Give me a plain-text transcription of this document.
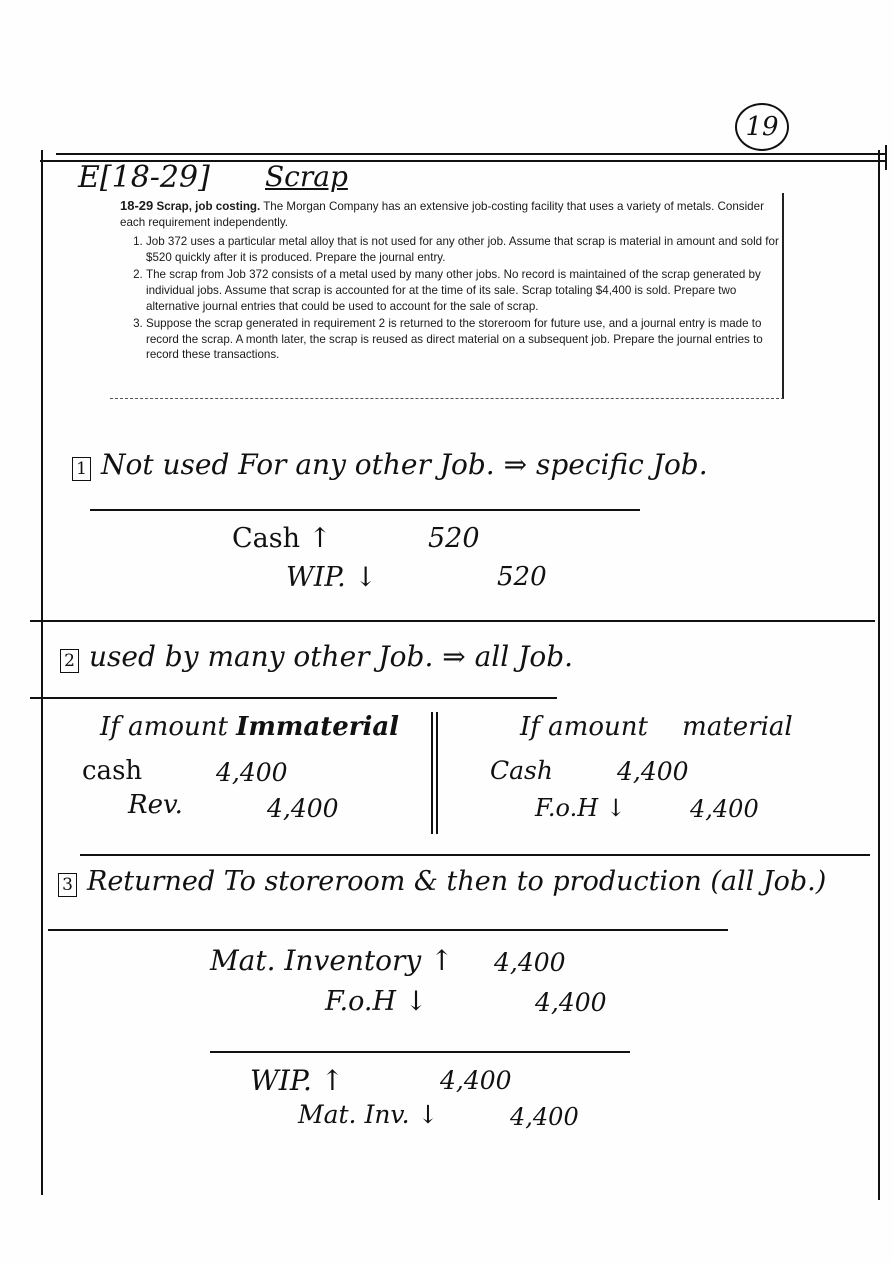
19
E[18-29] Scrap
18-29 Scrap, job costing. The Morgan Company has an extensive job-costing facility that uses a variety of metals. Consider each requirement independently.
1. Job 372 uses a particular metal alloy that is not used for any other job. Assume that scrap is material in amount and sold for $520 quickly after it is produced. Prepare the journal entry.
2. The scrap from Job 372 consists of a metal used by many other jobs. No record is maintained of the scrap generated by individual jobs. Assume that scrap is accounted for at the time of its sale. Scrap totaling $4,400 is sold. Prepare two alternative journal entries that could be used to account for the sale of scrap.
3. Suppose the scrap generated in requirement 2 is returned to the storeroom for future use, and a journal entry is made to record the scrap. A month later, the scrap is reused as direct material on a subsequent job. Prepare the journal entries to record these transactions.
1 Not used For any other Job. ⇒ specific Job.
Cash ↑	520
WIP. ↓	520
2 used by many other Job. ⇒ all Job.
If amount Immaterial
cash	4,400
Rev.	4,400
If amount material
Cash	4,400
F.o.H ↓	4,400
3 Returned To storeroom & then to production (all Job.)
Mat. Inventory ↑ 4,400
F.o.H ↓	4,400
WIP. ↑	4,400
Mat. Inv. ↓	4,400
